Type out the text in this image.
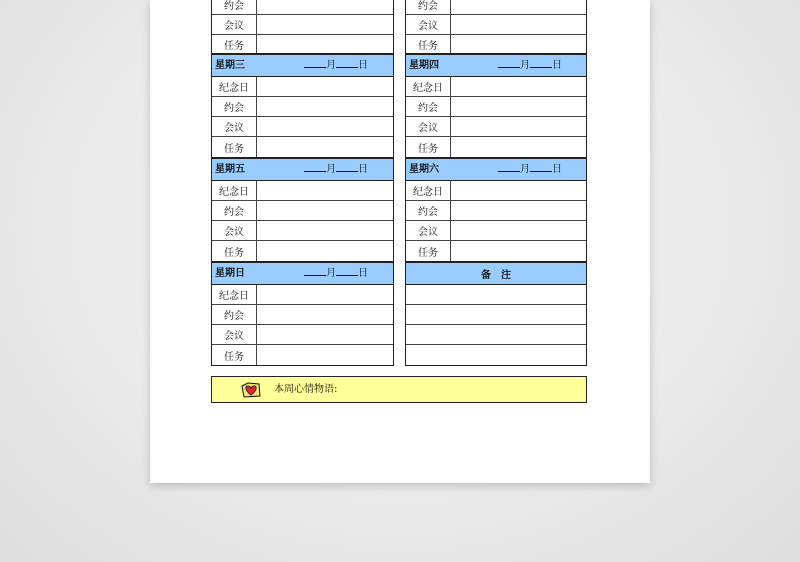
约会
会议
任务
约会
会议
任务
星期三	月 日
纪念日
约会
会议
任务
星期四	月 日
纪念日
约会
会议
任务
星期五	月 日
纪念日
约会
会议
任务
星期六	月 日
纪念日
约会
会议
任务
星期日	月 日
纪念日
约会
会议
任务
备　注
本周心情物语:
